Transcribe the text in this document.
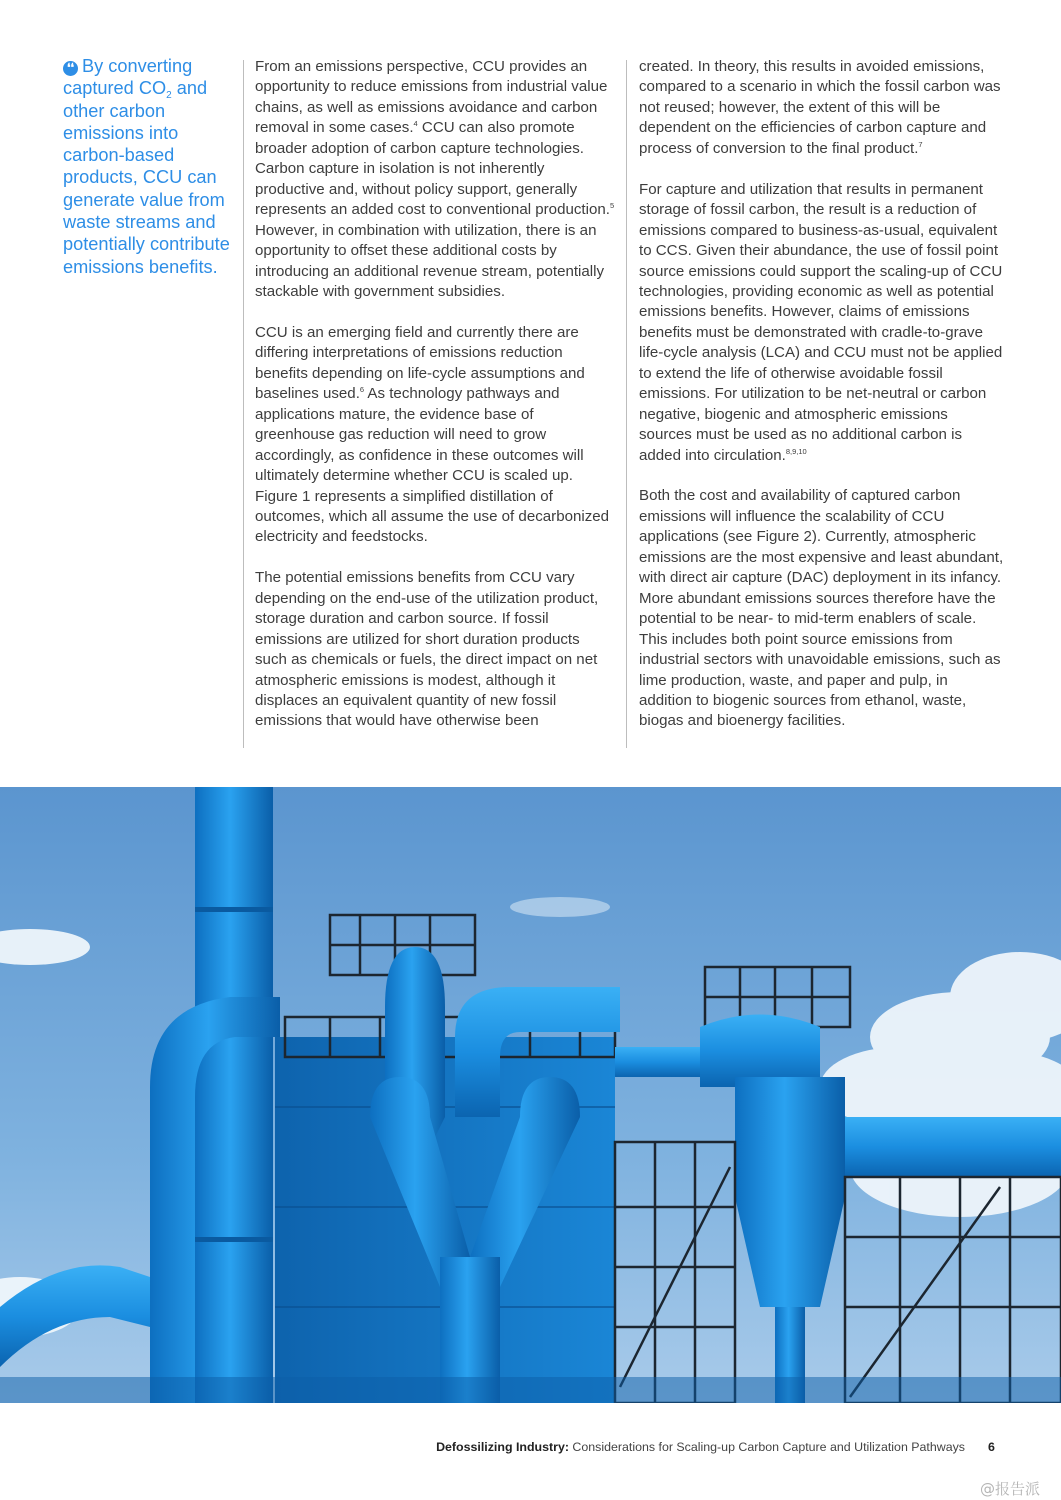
❛❛ By converting captured $CO_2$ and other carbon emissions into carbon-based products, CCU can generate value from waste streams and potentially contribute emissions benefits.

From an emissions perspective, CCU provides an opportunity to reduce emissions from industrial value chains, as well as emissions avoidance and carbon removal in some cases.$^4$ CCU can also promote broader adoption of carbon capture technologies. Carbon capture in isolation is not inherently productive and, without policy support, generally represents an added cost to conventional production.$^5$ However, in combination with utilization, there is an opportunity to offset these additional costs by introducing an additional revenue stream, potentially stackable with government subsidies.

CCU is an emerging field and currently there are differing interpretations of emissions reduction benefits depending on life-cycle assumptions and baselines used.$^6$ As technology pathways and applications mature, the evidence base of greenhouse gas reduction will need to grow accordingly, as confidence in these outcomes will ultimately determine whether CCU is scaled up. Figure 1 represents a simplified distillation of outcomes, which all assume the use of decarbonized electricity and feedstocks.

The potential emissions benefits from CCU vary depending on the end-use of the utilization product, storage duration and carbon source. If fossil emissions are utilized for short duration products such as chemicals or fuels, the direct impact on net atmospheric emissions is modest, although it displaces an equivalent quantity of new fossil emissions that would have otherwise been

created. In theory, this results in avoided emissions, compared to a scenario in which the fossil carbon was not reused; however, the extent of this will be dependent on the efficiencies of carbon capture and process of conversion to the final product.$^7$

For capture and utilization that results in permanent storage of fossil carbon, the result is a reduction of emissions compared to business-as-usual, equivalent to CCS. Given their abundance, the use of fossil point source emissions could support the scaling-up of CCU technologies, providing economic as well as potential emissions benefits. However, claims of emissions benefits must be demonstrated with cradle-to-grave life-cycle analysis (LCA) and CCU must not be applied to extend the life of otherwise avoidable fossil emissions. For utilization to be net-neutral or carbon negative, biogenic and atmospheric emissions sources must be used as no additional carbon is added into circulation.$^{8,9,10}$

Both the cost and availability of captured carbon emissions will influence the scalability of CCU applications (see Figure 2). Currently, atmospheric emissions are the most expensive and least abundant, with direct air capture (DAC) deployment in its infancy. More abundant emissions sources therefore have the potential to be near- to mid-term enablers of scale. This includes both point source emissions from industrial sectors with unavoidable emissions, such as lime production, waste, and paper and pulp, in addition to biogenic sources from ethanol, waste, biogas and bioenergy facilities.

Defossilizing Industry: Considerations for Scaling-up Carbon Capture and Utilization Pathways 6
@报告派
